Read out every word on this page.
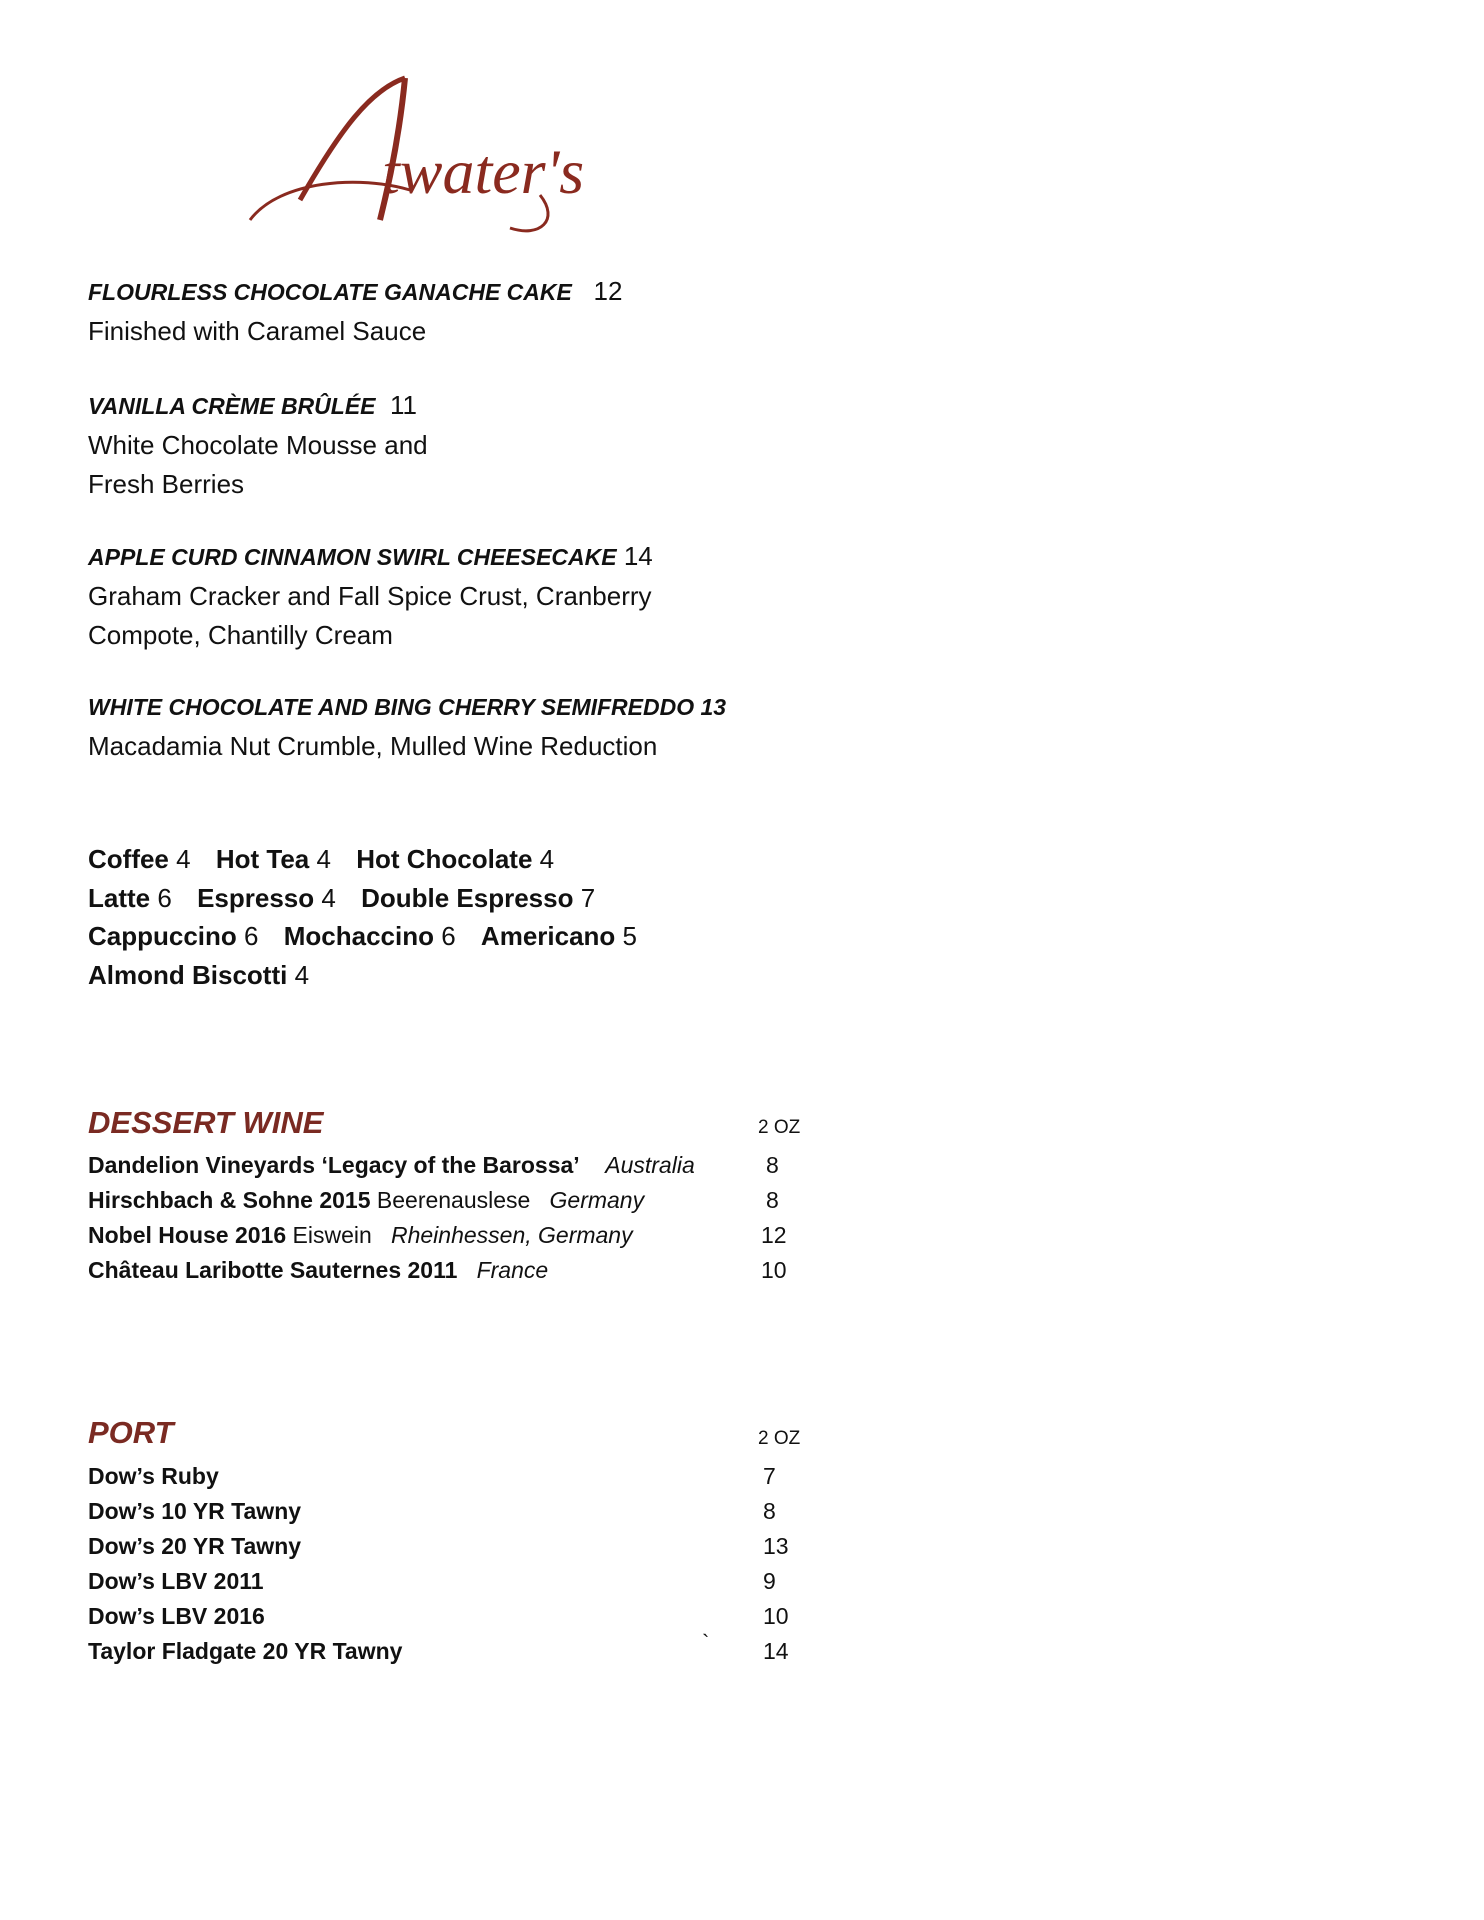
twater's
FLOURLESS CHOCOLATE GANACHE CAKE 12
Finished with Caramel Sauce
VANILLA CRÈME BRÛLÉE 11
White Chocolate Mousse and
Fresh Berries
APPLE CURD CINNAMON SWIRL CHEESECAKE 14
Graham Cracker and Fall Spice Crust, Cranberry
Compote, Chantilly Cream
WHITE CHOCOLATE AND BING CHERRY SEMIFREDDO 13
Macadamia Nut Crumble, Mulled Wine Reduction
Coffee 4 Hot Tea 4 Hot Chocolate 4
Latte 6 Espresso 4 Double Espresso 7
Cappuccino 6 Mochaccino 6 Americano 5
Almond Biscotti 4
DESSERT WINE	2 OZ
Dandelion Vineyards ‘Legacy of the Barossa’ Australia	8
Hirschbach & Sohne 2015 Beerenauslese Germany	8
Nobel House 2016 Eiswein Rheinhessen, Germany	12
Château Laribotte Sauternes 2011 France	10
PORT	2 OZ
Dow’s Ruby	7
Dow’s 10 YR Tawny	8
Dow’s 20 YR Tawny	13
Dow’s LBV 2011	9
Dow’s LBV 2016	10
Taylor Fladgate 20 YR Tawny	` 14
